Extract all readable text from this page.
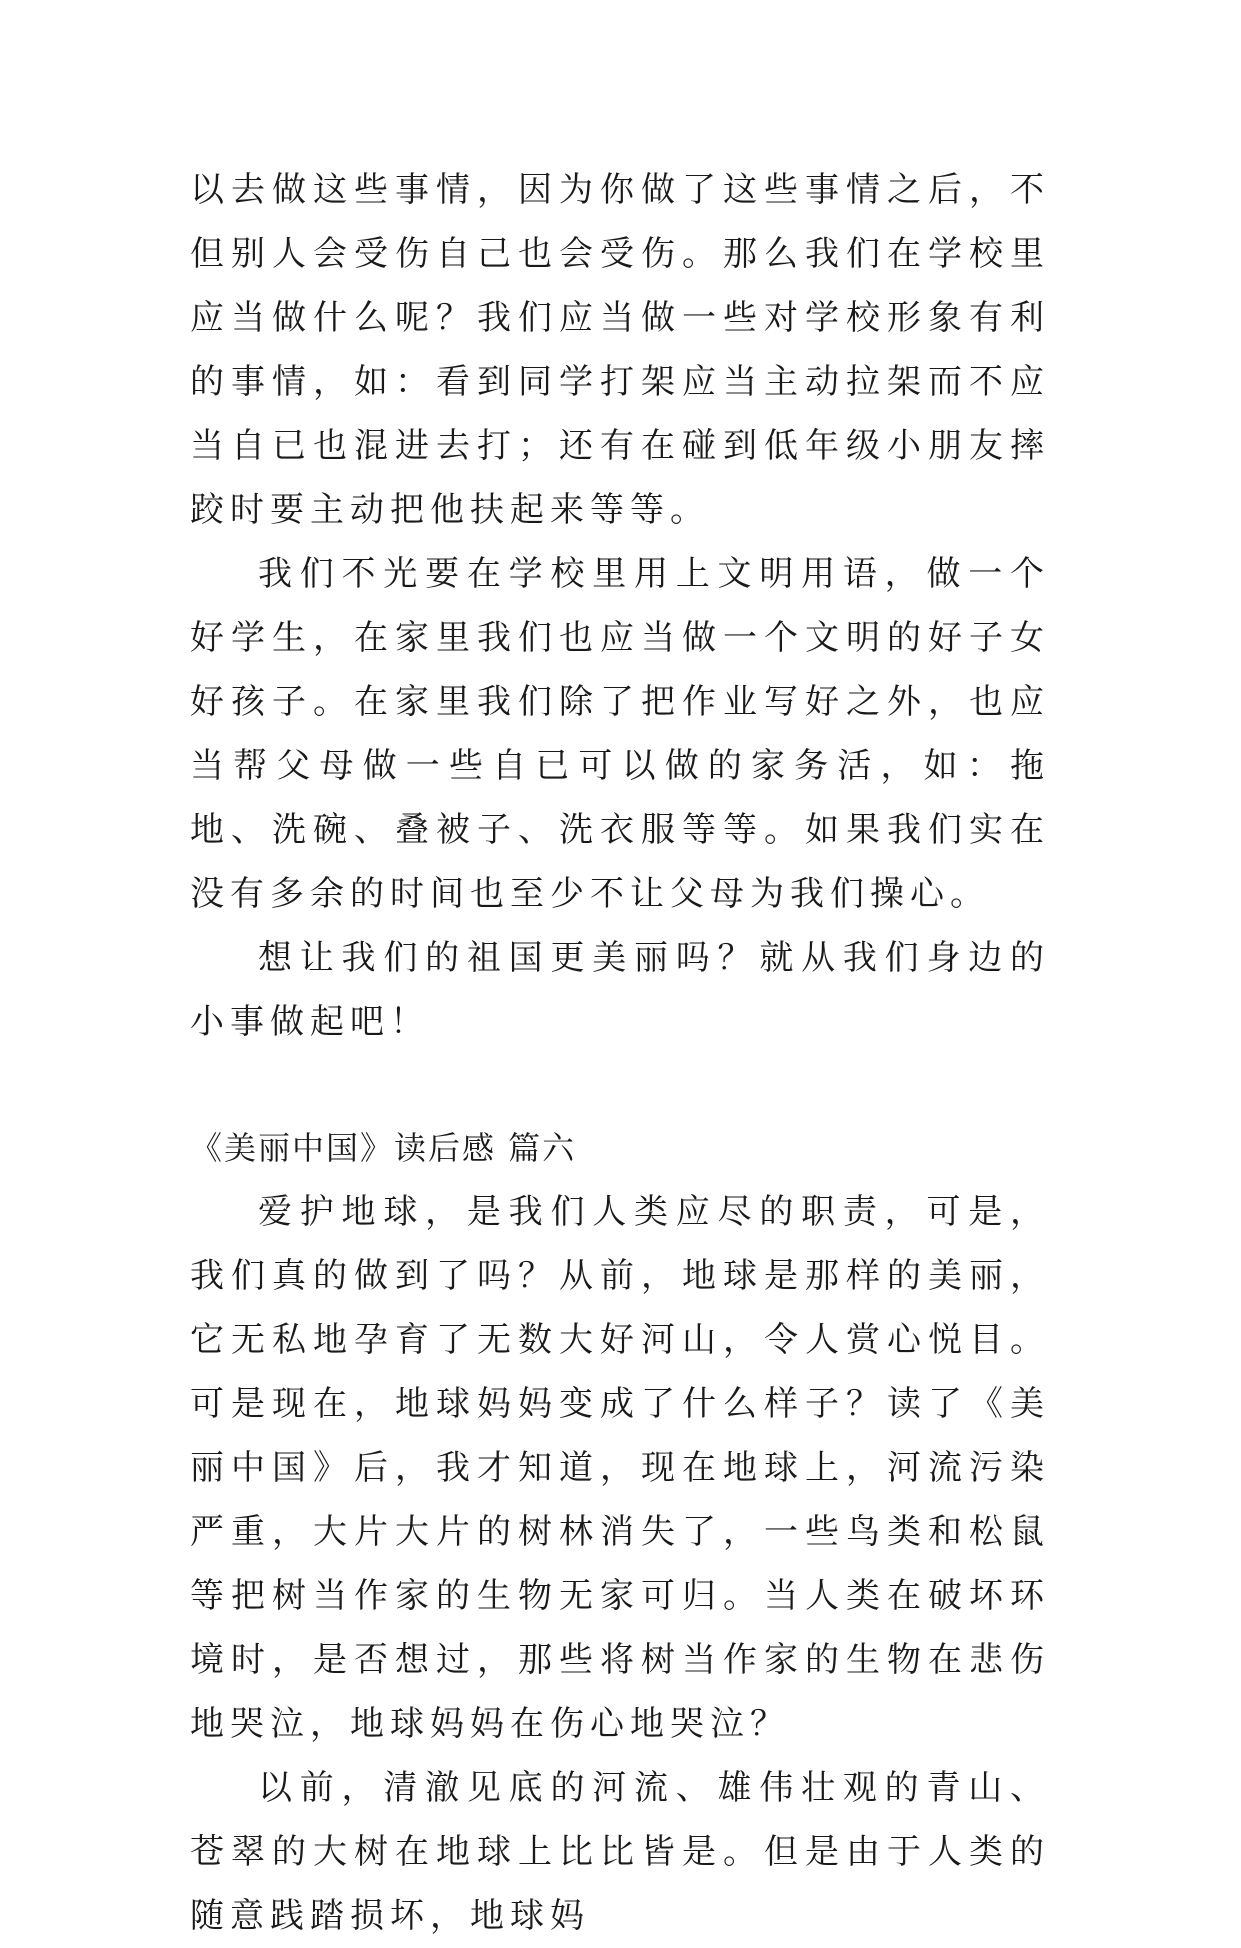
以去做这些事情，因为你做了这些事情之后，不但别人会受伤自己也会受伤。那么我们在学校里应当做什么呢？我们应当做一些对学校形象有利的事情，如：看到同学打架应当主动拉架而不应当自已也混进去打；还有在碰到低年级小朋友摔跤时要主动把他扶起来等等。

我们不光要在学校里用上文明用语，做一个好学生，在家里我们也应当做一个文明的好子女好孩子。在家里我们除了把作业写好之外，也应当帮父母做一些自已可以做的家务活，如：拖地、洗碗、叠被子、洗衣服等等。如果我们实在没有多余的时间也至少不让父母为我们操心。

想让我们的祖国更美丽吗？就从我们身边的小事做起吧！

《美丽中国》读后感 篇六

爱护地球，是我们人类应尽的职责，可是，我们真的做到了吗？从前，地球是那样的美丽，它无私地孕育了无数大好河山，令人赏心悦目。可是现在，地球妈妈变成了什么样子？读了《美丽中国》后，我才知道，现在地球上，河流污染严重，大片大片的树林消失了，一些鸟类和松鼠等把树当作家的生物无家可归。当人类在破坏环境时，是否想过，那些将树当作家的生物在悲伤地哭泣，地球妈妈在伤心地哭泣？

以前，清澈见底的河流、雄伟壮观的青山、苍翠的大树在地球上比比皆是。但是由于人类的随意践踏损坏，地球妈
